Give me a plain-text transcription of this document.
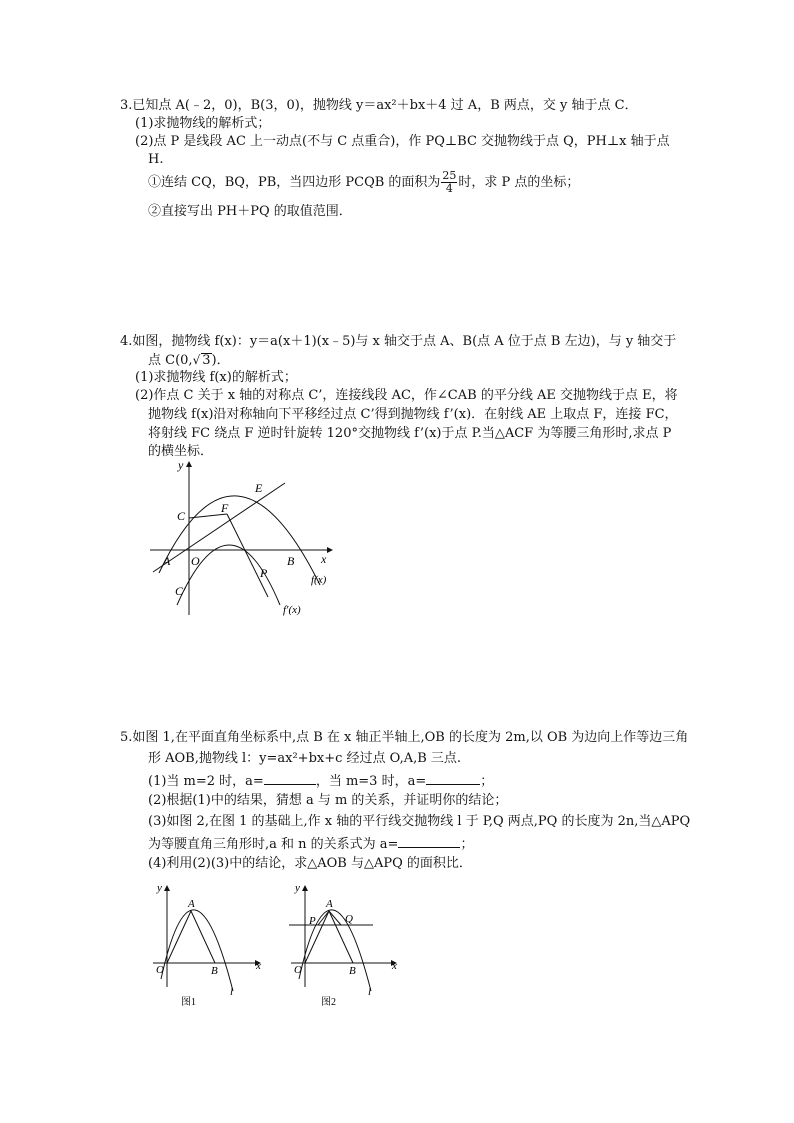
3.已知点 A(﹣2，0)，B(3，0)，抛物线 y＝ax²＋bx＋4 过 A，B 两点，交 y 轴于点 C．
(1)求抛物线的解析式；
(2)点 P 是线段 AC 上一动点(不与 C 点重合)，作 PQ⊥BC 交抛物线于点 Q，PH⊥x 轴于点
H.
①连结 CQ，BQ，PB，当四边形 PCQB 的面积为 $\frac{25}{4}$ 时，求 P 点的坐标；
②直接写出 PH＋PQ 的取值范围．
4.如图，抛物线 f(x)：y＝a(x＋1)(x﹣5)与 x 轴交于点 A、B(点 A 位于点 B 左边)，与 y 轴交于
点 C(0,√ 3)．
(1)求抛物线 f(x)的解析式；
(2)作点 C 关于 x 轴的对称点 C’，连接线段 AC，作∠CAB 的平分线 AE 交抛物线于点 E，将
抛物线 f(x)沿对称轴向下平移经过点 C’得到抛物线 f’(x)．在射线 AE 上取点 F，连接 FC，
将射线 FC 绕点 F 逆时针旋转 120°交抛物线 f’(x)于点 P.当△ACF 为等腰三角形时,求点 P
的横坐标．
y
x
E
C
F
A O	B
f(x)
C′
P
f′(x)
5.如图 1,在平面直角坐标系中,点 B 在 x 轴正半轴上,OB 的长度为 2m,以 OB 为边向上作等边三角
形 AOB,抛物线 l：y=ax²+bx+c 经过点 O,A,B 三点.
(1)当 m=2 时，a=	，当 m=3 时，a=	；
(2)根据(1)中的结果，猜想 a 与 m 的关系，并证明你的结论；
(3)如图 2,在图 1 的基础上,作 x 轴的平行线交抛物线 l 于 P,Q 两点,PQ 的长度为 2n,当△APQ
为等腰直角三角形时,a 和 n 的关系式为 a=	；
(4)利用(2)(3)中的结论，求△AOB 与△APQ 的面积比．
y
x
A
O	B
l
图1
y
x
A
P	Q
O	B
l
图2
